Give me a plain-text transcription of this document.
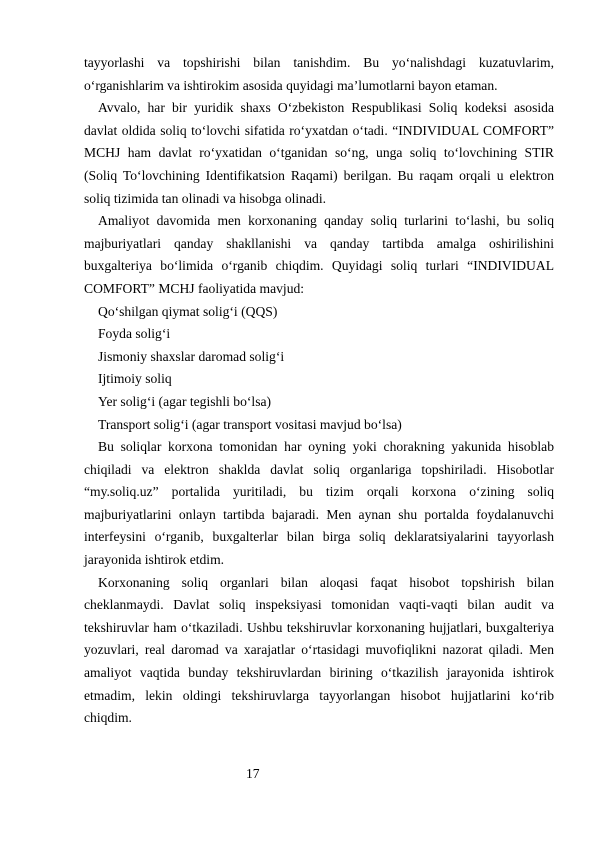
tayyorlashi va topshirishi bilan tanishdim. Bu yo‘nalishdagi kuzatuvlarim, o‘rganishlarim va ishtirokim asosida quyidagi ma’lumotlarni bayon etaman.

Avvalo, har bir yuridik shaxs O‘zbekiston Respublikasi Soliq kodeksi asosida davlat oldida soliq to‘lovchi sifatida ro‘yxatdan o‘tadi. “INDIVIDUAL COMFORT” MCHJ ham davlat ro‘yxatidan o‘tganidan so‘ng, unga soliq to‘lovchining STIR (Soliq To‘lovchining Identifikatsion Raqami) berilgan. Bu raqam orqali u elektron soliq tizimida tan olinadi va hisobga olinadi.

Amaliyot davomida men korxonaning qanday soliq turlarini to‘lashi, bu soliq majburiyatlari qanday shakllanishi va qanday tartibda amalga oshirilishini buxgalteriya bo‘limida o‘rganib chiqdim. Quyidagi soliq turlari “INDIVIDUAL COMFORT” MCHJ faoliyatida mavjud:

Qo‘shilgan qiymat solig‘i (QQS)

Foyda solig‘i

Jismoniy shaxslar daromad solig‘i

Ijtimoiy soliq

Yer solig‘i (agar tegishli bo‘lsa)

Transport solig‘i (agar transport vositasi mavjud bo‘lsa)

Bu soliqlar korxona tomonidan har oyning yoki chorakning yakunida hisoblab chiqiladi va elektron shaklda davlat soliq organlariga topshiriladi. Hisobotlar “my.soliq.uz” portalida yuritiladi, bu tizim orqali korxona o‘zining soliq majburiyatlarini onlayn tartibda bajaradi. Men aynan shu portalda foydalanuvchi interfeysini o‘rganib, buxgalterlar bilan birga soliq deklaratsiyalarini tayyorlash jarayonida ishtirok etdim.

Korxonaning soliq organlari bilan aloqasi faqat hisobot topshirish bilan cheklanmaydi. Davlat soliq inspeksiyasi tomonidan vaqti-vaqti bilan audit va tekshiruvlar ham o‘tkaziladi. Ushbu tekshiruvlar korxonaning hujjatlari, buxgalteriya yozuvlari, real daromad va xarajatlar o‘rtasidagi muvofiqlikni nazorat qiladi. Men amaliyot vaqtida bunday tekshiruvlardan birining o‘tkazilish jarayonida ishtirok etmadim, lekin oldingi tekshiruvlarga tayyorlangan hisobot hujjatlarini ko‘rib chiqdim.

17
